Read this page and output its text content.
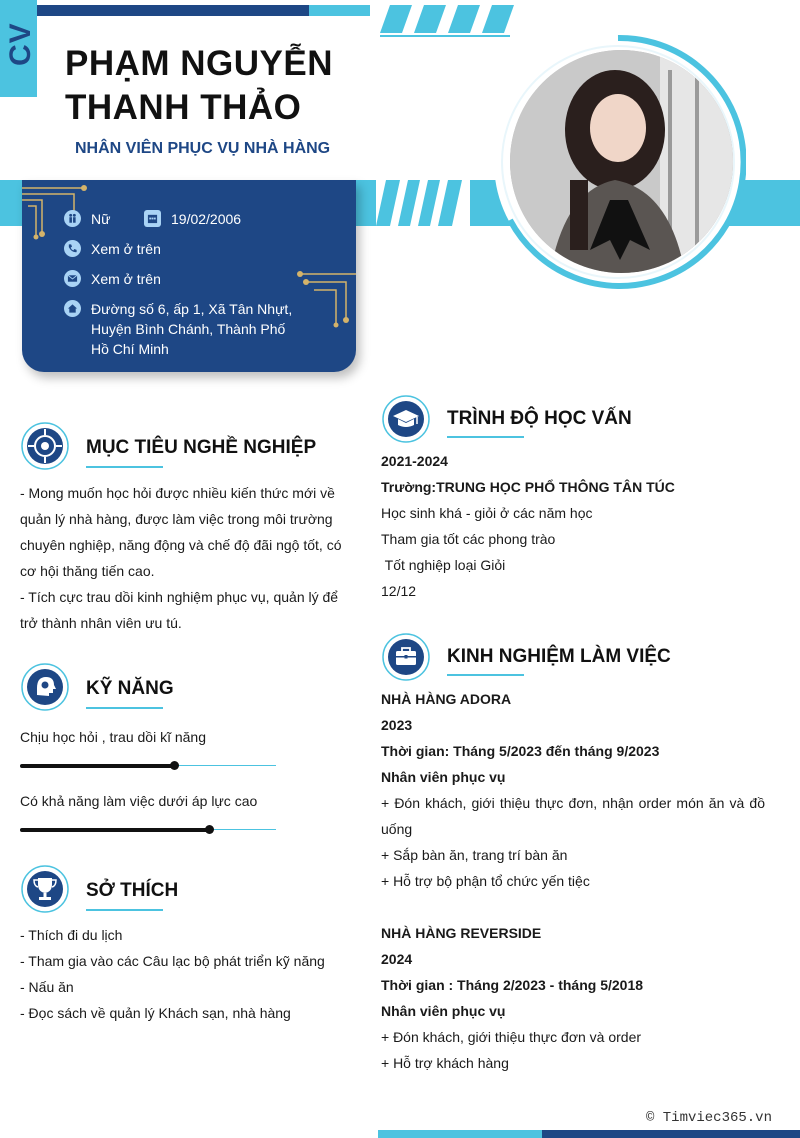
CV PHẠM NGUYỄN
THANH THẢO
NHÂN VIÊN PHỤC VỤ NHÀ HÀNG
Nữ	19/02/2006
Xem ở trên
Xem ở trên
Đường số 6, ấp 1, Xã Tân Nhựt,
Huyện Bình Chánh, Thành Phố
Hồ Chí Minh
MỤC TIÊU NGHỀ NGHIỆP
- Mong muốn học hỏi được nhiều kiến thức mới về
quản lý nhà hàng, được làm việc trong môi trường
chuyên nghiệp, năng động và chế độ đãi ngộ tốt, có
cơ hội thăng tiến cao.
- Tích cực trau dồi kinh nghiệm phục vụ, quản lý để
trở thành nhân viên ưu tú.
KỸ NĂNG
Chịu học hỏi , trau dồi kĩ năng
Có khả năng làm việc dưới áp lực cao
SỞ THÍCH
- Thích đi du lịch
- Tham gia vào các Câu lạc bộ phát triển kỹ năng
- Nấu ăn
- Đọc sách về quản lý Khách sạn, nhà hàng
TRÌNH ĐỘ HỌC VẤN
2021-2024
Trường:TRUNG HỌC PHỔ THÔNG TÂN TÚC
Học sinh khá - giỏi ở các năm học
Tham gia tốt các phong trào
Tốt nghiệp loại Giỏi
12/12
KINH NGHIỆM LÀM VIỆC
NHÀ HÀNG ADORA
2023
Thời gian: Tháng 5/2023 đến tháng 9/2023
Nhân viên phục vụ
+ Đón khách, giới thiệu thực đơn, nhận order món ăn và đồ
uống
+ Sắp bàn ăn, trang trí bàn ăn
+ Hỗ trợ bộ phận tổ chức yến tiệc
NHÀ HÀNG REVERSIDE
2024
Thời gian : Tháng 2/2023 - tháng 5/2018
Nhân viên phục vụ
+ Đón khách, giới thiệu thực đơn và order
+ Hỗ trợ khách hàng
© Timviec365.vn
